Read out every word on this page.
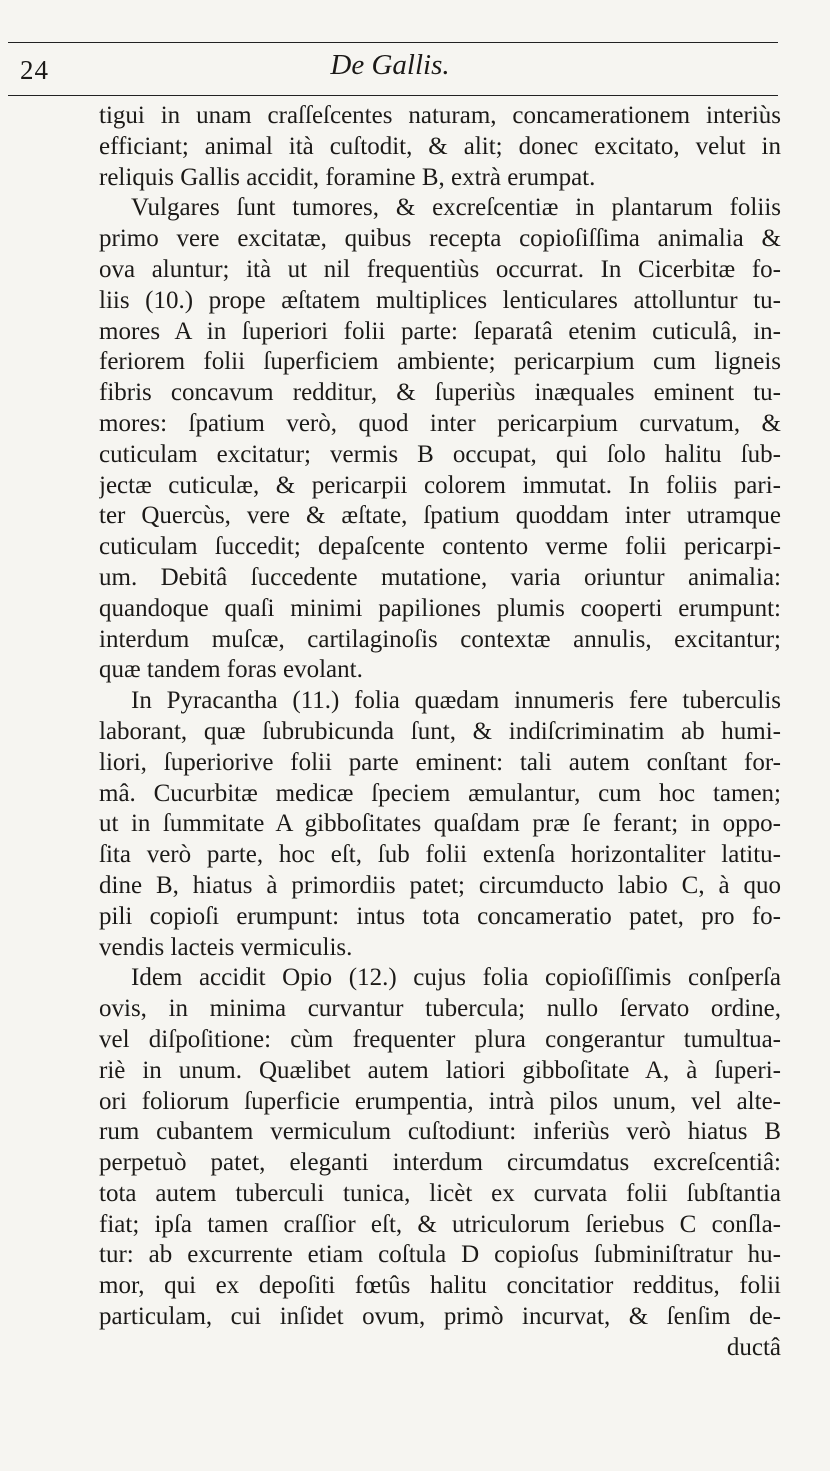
24	De Gallis.
tigui in unam craſſeſcentes naturam, concamerationem interiùs
efficiant; animal ità cuſtodit, & alit; donec excitato, velut in
reliquis Gallis accidit, foramine B, extrà erumpat.
Vulgares ſunt tumores, & excreſcentiæ in plantarum foliis
primo vere excitatæ, quibus recepta copioſiſſima animalia &
ova aluntur; ità ut nil frequentiùs occurrat. In Cicerbitæ fo-
liis (10.) prope æſtatem multiplices lenticulares attolluntur tu-
mores A in ſuperiori folii parte: ſeparatâ etenim cuticulâ, in-
feriorem folii ſuperficiem ambiente; pericarpium cum ligneis
fibris concavum redditur, & ſuperiùs inæquales eminent tu-
mores: ſpatium verò, quod inter pericarpium curvatum, &
cuticulam excitatur; vermis B occupat, qui ſolo halitu ſub-
jectæ cuticulæ, & pericarpii colorem immutat. In foliis pari-
ter Quercùs, vere & æſtate, ſpatium quoddam inter utramque
cuticulam ſuccedit; depaſcente contento verme folii pericarpi-
um. Debitâ ſuccedente mutatione, varia oriuntur animalia:
quandoque quaſi minimi papiliones plumis cooperti erumpunt:
interdum muſcæ, cartilaginoſis contextæ annulis, excitantur;
quæ tandem foras evolant.
In Pyracantha (11.) folia quædam innumeris fere tuberculis
laborant, quæ ſubrubicunda ſunt, & indiſcriminatim ab humi-
liori, ſuperiorive folii parte eminent: tali autem conſtant for-
mâ. Cucurbitæ medicæ ſpeciem æmulantur, cum hoc tamen;
ut in ſummitate A gibboſitates quaſdam præ ſe ferant; in oppo-
ſita verò parte, hoc eſt, ſub folii extenſa horizontaliter latitu-
dine B, hiatus à primordiis patet; circumducto labio C, à quo
pili copioſi erumpunt: intus tota concameratio patet, pro fo-
vendis lacteis vermiculis.
Idem accidit Opio (12.) cujus folia copioſiſſimis conſperſa
ovis, in minima curvantur tubercula; nullo ſervato ordine,
vel diſpoſitione: cùm frequenter plura congerantur tumultua-
riè in unum. Quælibet autem latiori gibboſitate A, à ſuperi-
ori foliorum ſuperficie erumpentia, intrà pilos unum, vel alte-
rum cubantem vermiculum cuſtodiunt: inferiùs verò hiatus B
perpetuò patet, eleganti interdum circumdatus excreſcentiâ:
tota autem tuberculi tunica, licèt ex curvata folii ſubſtantia
fiat; ipſa tamen craſſior eſt, & utriculorum ſeriebus C conſla-
tur: ab excurrente etiam coſtula D copioſus ſubminiſtratur hu-
mor, qui ex depoſiti fœtûs halitu concitatior redditus, folii
particulam, cui inſidet ovum, primò incurvat, & ſenſim de-
ductâ
